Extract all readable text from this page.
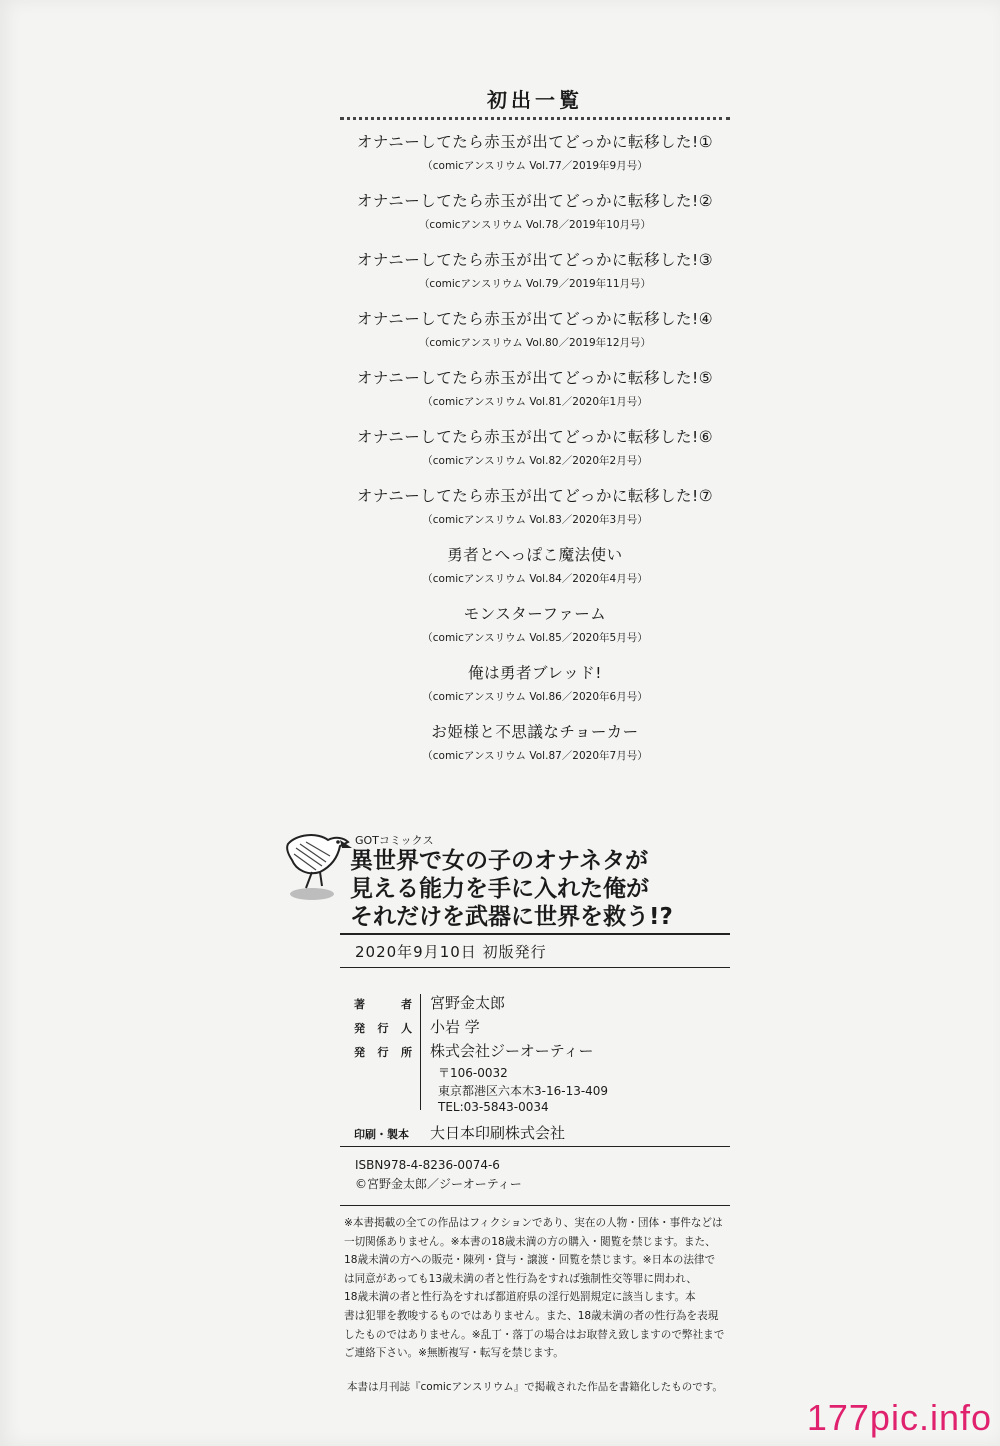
初出一覧
オナニーしてたら赤玉が出てどっかに転移した!①
（comicアンスリウム Vol.77／2019年9月号）
オナニーしてたら赤玉が出てどっかに転移した!②
（comicアンスリウム Vol.78／2019年10月号）
オナニーしてたら赤玉が出てどっかに転移した!③
（comicアンスリウム Vol.79／2019年11月号）
オナニーしてたら赤玉が出てどっかに転移した!④
（comicアンスリウム Vol.80／2019年12月号）
オナニーしてたら赤玉が出てどっかに転移した!⑤
（comicアンスリウム Vol.81／2020年1月号）
オナニーしてたら赤玉が出てどっかに転移した!⑥
（comicアンスリウム Vol.82／2020年2月号）
オナニーしてたら赤玉が出てどっかに転移した!⑦
（comicアンスリウム Vol.83／2020年3月号）
勇者とへっぽこ魔法使い
（comicアンスリウム Vol.84／2020年4月号）
モンスターファーム
（comicアンスリウム Vol.85／2020年5月号）
俺は勇者ブレッド!
（comicアンスリウム Vol.86／2020年6月号）
お姫様と不思議なチョーカー
（comicアンスリウム Vol.87／2020年7月号）
GOTコミックス
異世界で女の子のオナネタが
見える能力を手に入れた俺が
それだけを武器に世界を救う!?
2020年9月10日 初版発行
著者 宮野金太郎
発行人 小岩 学
発行所 株式会社ジーオーティー
〒106-0032
東京都港区六本木3-16-13-409
TEL:03-5843-0034
印刷・製本	大日本印刷株式会社
ISBN978-4-8236-0074-6
©宮野金太郎／ジーオーティー
※本書掲載の全ての作品はフィクションであり、実在の人物・団体・事件などは
一切関係ありません。※本書の18歳未満の方の購入・閲覧を禁じます。また、
18歳未満の方への販売・陳列・貸与・譲渡・回覧を禁じます。※日本の法律で
は同意があっても13歳未満の者と性行為をすれば強制性交等罪に問われ、
18歳未満の者と性行為をすれば都道府県の淫行処罰規定に該当します。本
書は犯罪を教唆するものではありません。また、18歳未満の者の性行為を表現
したものではありません。※乱丁・落丁の場合はお取替え致しますので弊社まで
ご連絡下さい。※無断複写・転写を禁じます。
本書は月刊誌『comicアンスリウム』で掲載された作品を書籍化したものです。
177pic.info
